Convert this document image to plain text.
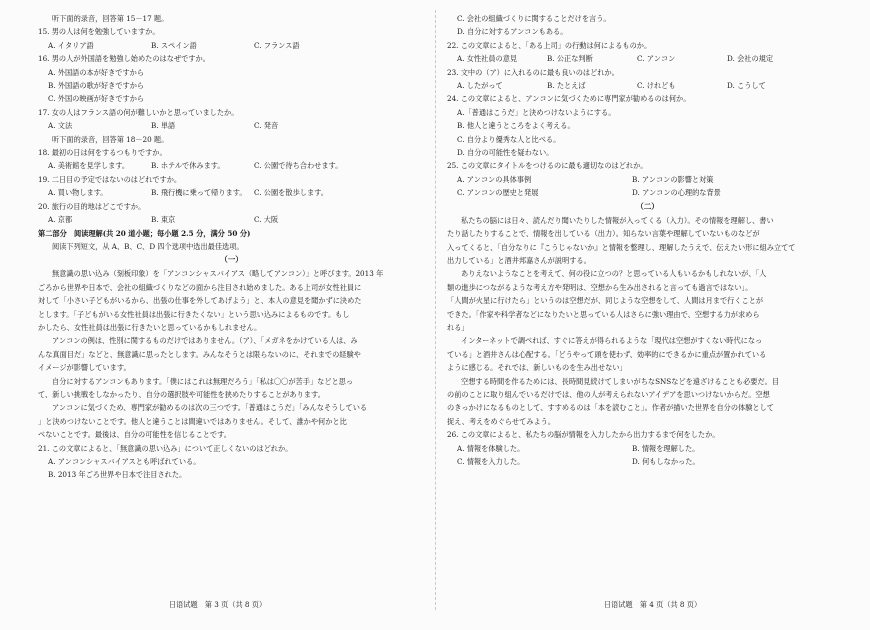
听下面的录音，回答第 15－17 题。
15. 男の人は何を勉強していますか。
A. イタリア語	B. スペイン語	C. フランス語
16. 男の人が外国語を勉強し始めたのはなぜですか。
A. 外国語の本が好きですから
B. 外国語の歌が好きですから
C. 外国の映画が好きですから
17. 女の人はフランス語の何が難しいかと思っていましたか。
A. 文法	B. 単語	C. 発音
听下面的录音，回答第 18－20 题。
18. 最初の日は何をするつもりですか。
A. 美術館を見学します。	B. ホテルで休みます。	C. 公園で待ち合わせます。
19. 二日目の予定ではないのはどれですか。
A. 買い物します。	B. 飛行機に乗って帰ります。	C. 公園を散歩します。
20. 旅行の目的地はどこですか。
A. 京都	B. 東京	C. 大阪
第二部分　阅读理解(共 20 道小题；每小题 2.5 分，满分 50 分)
阅读下列短文，从 A、B、C、D 四个选项中选出最佳选项。
（一）
無意識の思い込み（刻板印象）を「アンコンシャスバイアス（略してアンコン）」と呼びます。2013 年
ごろから世界や日本で、会社の組織づくりなどの面から注目され始めました。ある上司が女性社員に
対して「小さい子どもがいるから、出張の仕事を外してあげよう」と、本人の意見を聞かずに決めた
とします。「子どもがいる女性社員は出張に行きたくない」という思い込みによるものです。もし
かしたら、女性社員は出張に行きたいと思っているかもしれません。
アンコンの例は、性別に関するものだけではありません。（ア）、「メガネをかけている人は、み
んな真面目だ」などと、無意識に思ったとします。みんなそうとは限らないのに、それまでの経験や
イメージが影響しています。
自分に対するアンコンもあります。「僕にはこれは無理だろう」「私は〇〇が苦手」などと思っ
て、新しい挑戦をしなかったり、自分の選択肢や可能性を狭めたりすることがあります。
アンコンに気づくため、専門家が勧めるのは次の三つです。「普通はこうだ」「みんなそうしている
」と決めつけないことです。他人と違うことは間違いではありません。そして、誰かや何かと比
べないことです。最後は、自分の可能性を信じることです。
21. この文章によると、「無意識の思い込み」について正しくないのはどれか。
A. アンコンシャスバイアスとも呼ばれている。
B. 2013 年ごろ世界や日本で注目された。
日语试题　第 3 页（共 8 页）
C. 会社の組織づくりに関することだけを言う。
D. 自分に対するアンコンもある。
22. この文章によると、「ある上司」の行動は何によるものか。
A. 女性社員の意見	B. 公正な判断	C. アンコン	D. 会社の規定
23. 文中の（ア）に入れるのに最も良いのはどれか。
A. したがって	B. たとえば	C. けれども	D. こうして
24. この文章によると、アンコンに気づくために専門家が勧めるのは何か。
A.「普通はこうだ」と決めつけないようにする。
B. 他人と違うところをよく考える。
C. 自分より優秀な人と比べる。
D. 自分の可能性を疑わない。
25. この文章にタイトルをつけるのに最も適切なのはどれか。
A. アンコンの具体事例	B. アンコンの影響と対策
C. アンコンの歴史と発展	D. アンコンの心理的な背景
（二）
私たちの脳には日々、読んだり聞いたりした情報が入ってくる（入力）。その情報を理解し、書い
たり話したりすることで、情報を出している（出力）。知らない言葉や理解していないものなどが
入ってくると、「自分なりに『こうじゃないか』と情報を整理し、理解したうえで、伝えたい形に組み立てて
出力している」と酒井邦嘉さんが説明する。
ありえないようなことを考えて、何の役に立つの？と思っている人もいるかもしれないが、「人
類の進歩につながるような考え方や発明は、空想から生み出されると言っても過言ではない」。
「人間が火星に行けたら」というのは空想だが、同じような空想をして、人間は月まで行くことが
できた。「作家や科学者などになりたいと思っている人はさらに強い理由で、空想する力が求めら
れる」
インターネットで調べれば、すぐに答えが得られるような「現代は空想がすくない時代になっ
ている」と酒井さんは心配する。「どうやって頭を使わず、効率的にできるかに重点が置かれている
ように感じる。それでは、新しいものを生み出せない」
空想する時間を作るためには、長時間見続けてしまいがちなSNSなどを遠ざけることも必要だ。目
の前のことに取り組んでいるだけでは、他の人が考えられないアイデアを思いつけないからだ。空想
のきっかけになるものとして、すすめるのは「本を読むこと」。作者が描いた世界を自分の体験として
捉え、考えをめぐらせてみよう。
26. この文章によると、私たちの脳が情報を入力したから出力するまで何をしたか。
A. 情報を体験した。	B. 情報を理解した。
C. 情報を入力した。	D. 何もしなかった。
日语试题　第 4 页（共 8 页）
